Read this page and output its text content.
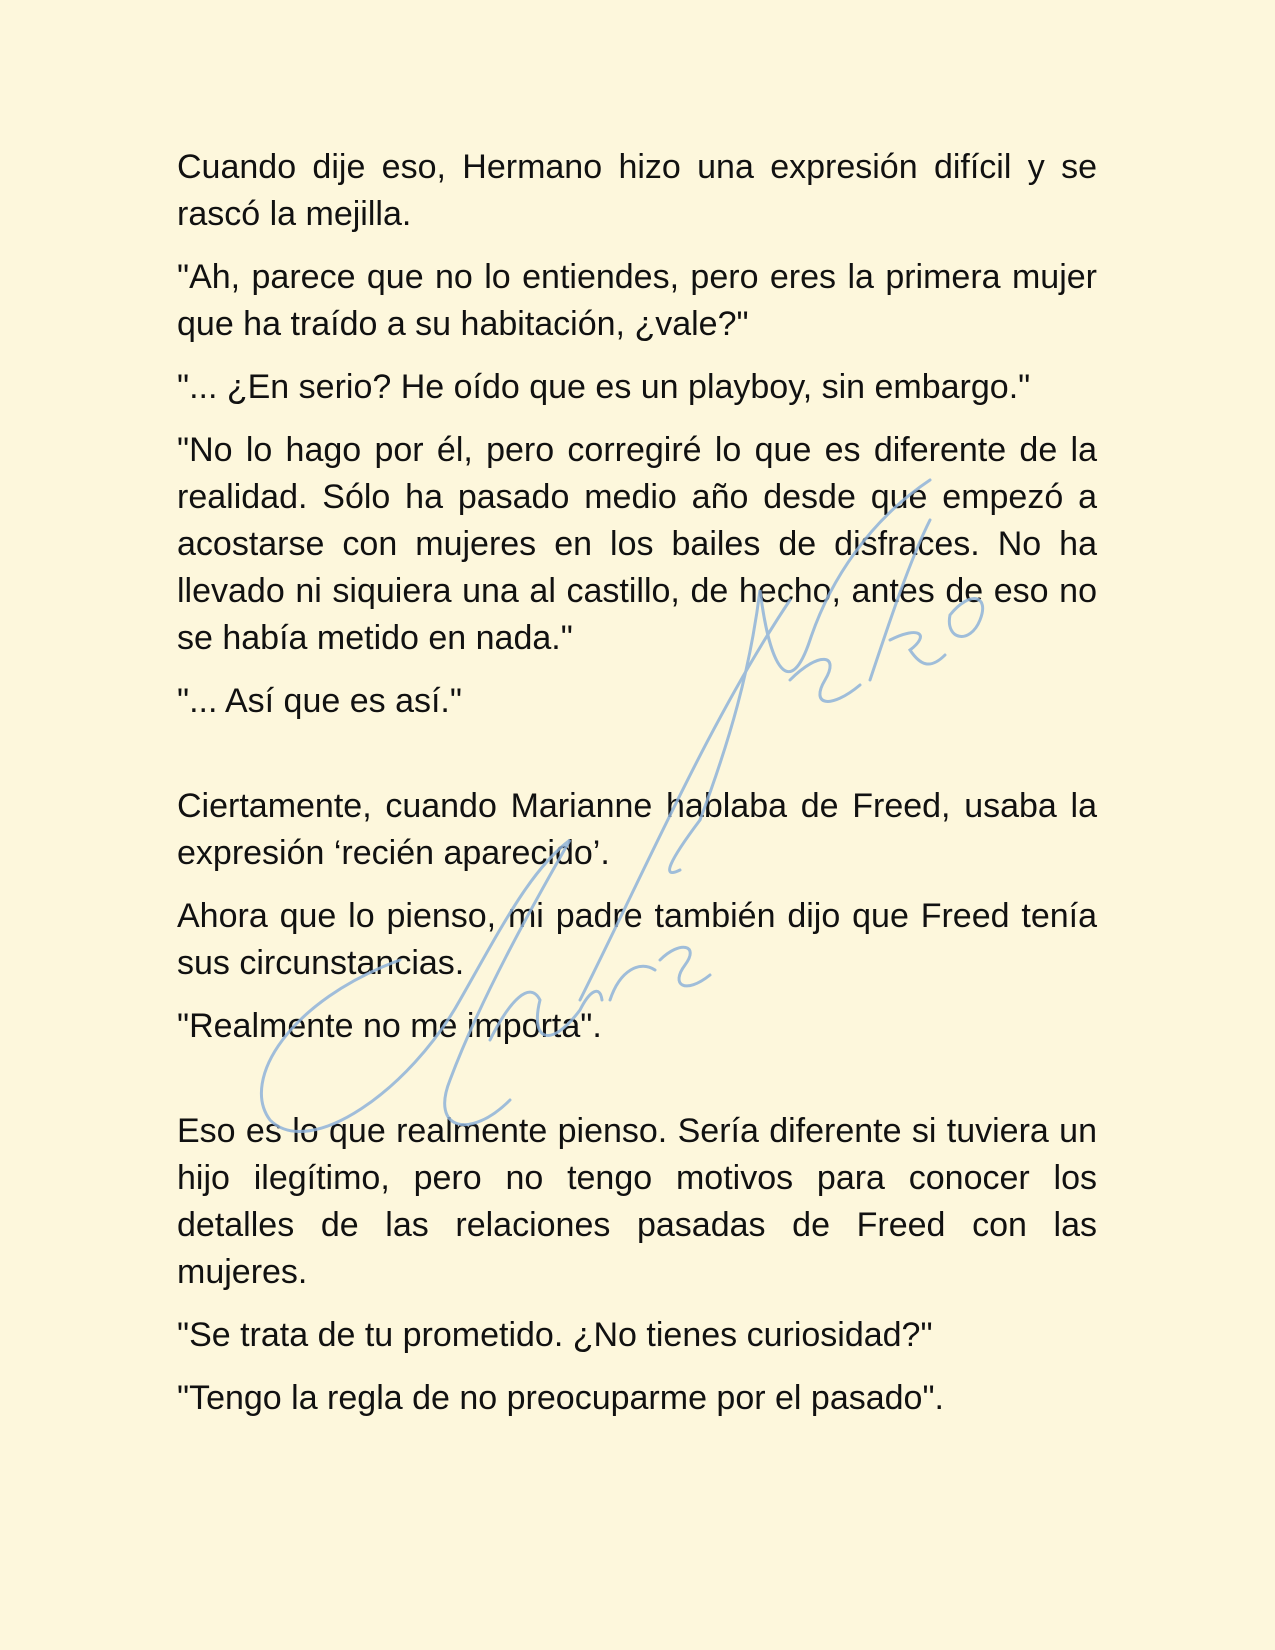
Cuando dije eso, Hermano hizo una expresión difícil y se rascó la mejilla.

"Ah, parece que no lo entiendes, pero eres la primera mujer que ha traído a su habitación, ¿vale?"

"... ¿En serio? He oído que es un playboy, sin embargo."

"No lo hago por él, pero corregiré lo que es diferente de la realidad. Sólo ha pasado medio año desde que empezó a acostarse con mujeres en los bailes de disfraces. No ha llevado ni siquiera una al castillo, de hecho, antes de eso no se había metido en nada."

"... Así que es así."

Ciertamente, cuando Marianne hablaba de Freed, usaba la expresión ‘recién aparecido’.

Ahora que lo pienso, mi padre también dijo que Freed tenía sus circunstancias.

"Realmente no me importa".

Eso es lo que realmente pienso. Sería diferente si tuviera un hijo ilegítimo, pero no tengo motivos para conocer los detalles de las relaciones pasadas de Freed con las mujeres.

"Se trata de tu prometido. ¿No tienes curiosidad?"

"Tengo la regla de no preocuparme por el pasado".
